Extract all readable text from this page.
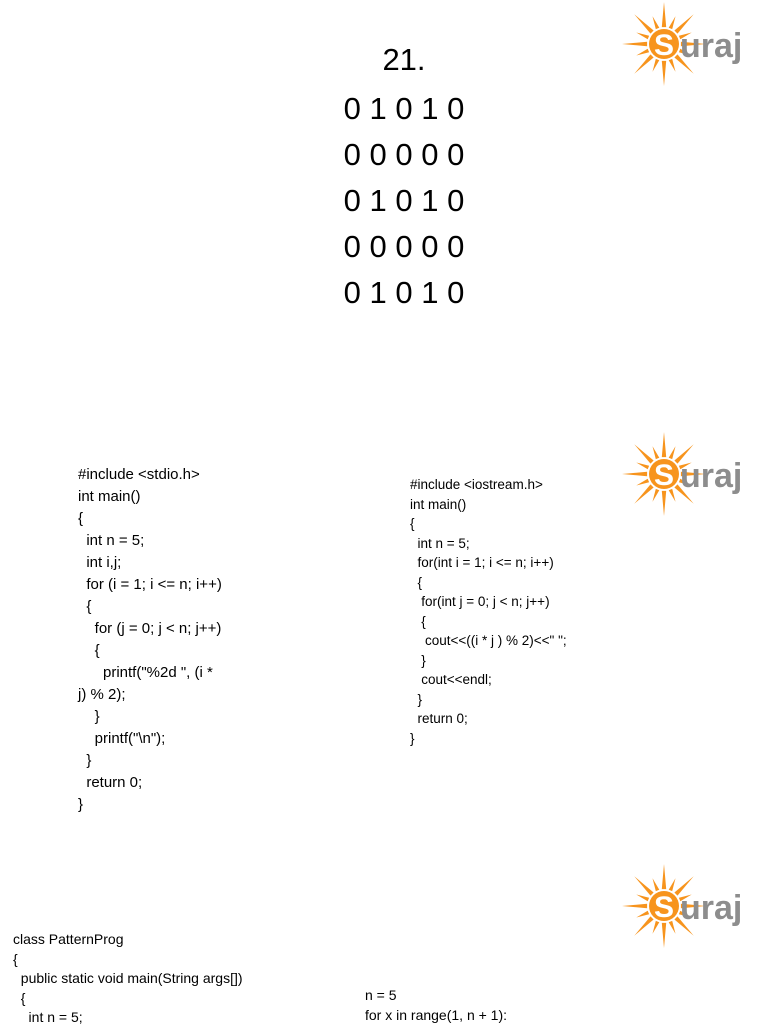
21.
0 1 0 1 0
0 0 0 0 0
0 1 0 1 0
0 0 0 0 0
0 1 0 1 0
#include <stdio.h>
int main()
{
int n = 5;
int i,j;
for (i = 1; i <= n; i++)
{
for (j = 0; j < n; j++)
{
printf("%2d ", (i *
j) % 2);
}
printf("\n");
}
return 0;
}
#include <iostream.h>
int main()
{
int n = 5;
for(int i = 1; i <= n; i++)
{
for(int j = 0; j < n; j++)
{
cout<<((i * j ) % 2)<<" ";
}
cout<<endl;
}
return 0;
}
class PatternProg
{
public static void main(String args[])
{
int n = 5;
n = 5
for x in range(1, n + 1):
S uraj
S uraj
S uraj
